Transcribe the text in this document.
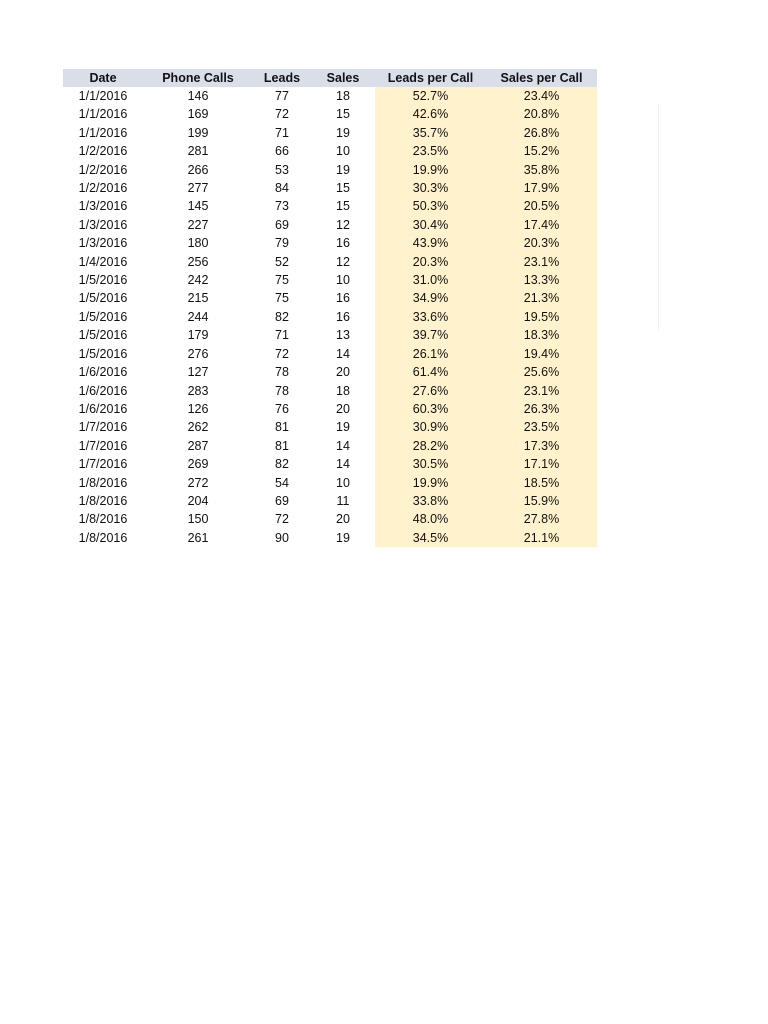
Date	Phone Calls	Leads	Sales	Leads per Call	Sales per Call
1/1/2016	146	77	18	52.7%	23.4%
1/1/2016	169	72	15	42.6%	20.8%
1/1/2016	199	71	19	35.7%	26.8%
1/2/2016	281	66	10	23.5%	15.2%
1/2/2016	266	53	19	19.9%	35.8%
1/2/2016	277	84	15	30.3%	17.9%
1/3/2016	145	73	15	50.3%	20.5%
1/3/2016	227	69	12	30.4%	17.4%
1/3/2016	180	79	16	43.9%	20.3%
1/4/2016	256	52	12	20.3%	23.1%
1/5/2016	242	75	10	31.0%	13.3%
1/5/2016	215	75	16	34.9%	21.3%
1/5/2016	244	82	16	33.6%	19.5%
1/5/2016	179	71	13	39.7%	18.3%
1/5/2016	276	72	14	26.1%	19.4%
1/6/2016	127	78	20	61.4%	25.6%
1/6/2016	283	78	18	27.6%	23.1%
1/6/2016	126	76	20	60.3%	26.3%
1/7/2016	262	81	19	30.9%	23.5%
1/7/2016	287	81	14	28.2%	17.3%
1/7/2016	269	82	14	30.5%	17.1%
1/8/2016	272	54	10	19.9%	18.5%
1/8/2016	204	69	11	33.8%	15.9%
1/8/2016	150	72	20	48.0%	27.8%
1/8/2016	261	90	19	34.5%	21.1%
